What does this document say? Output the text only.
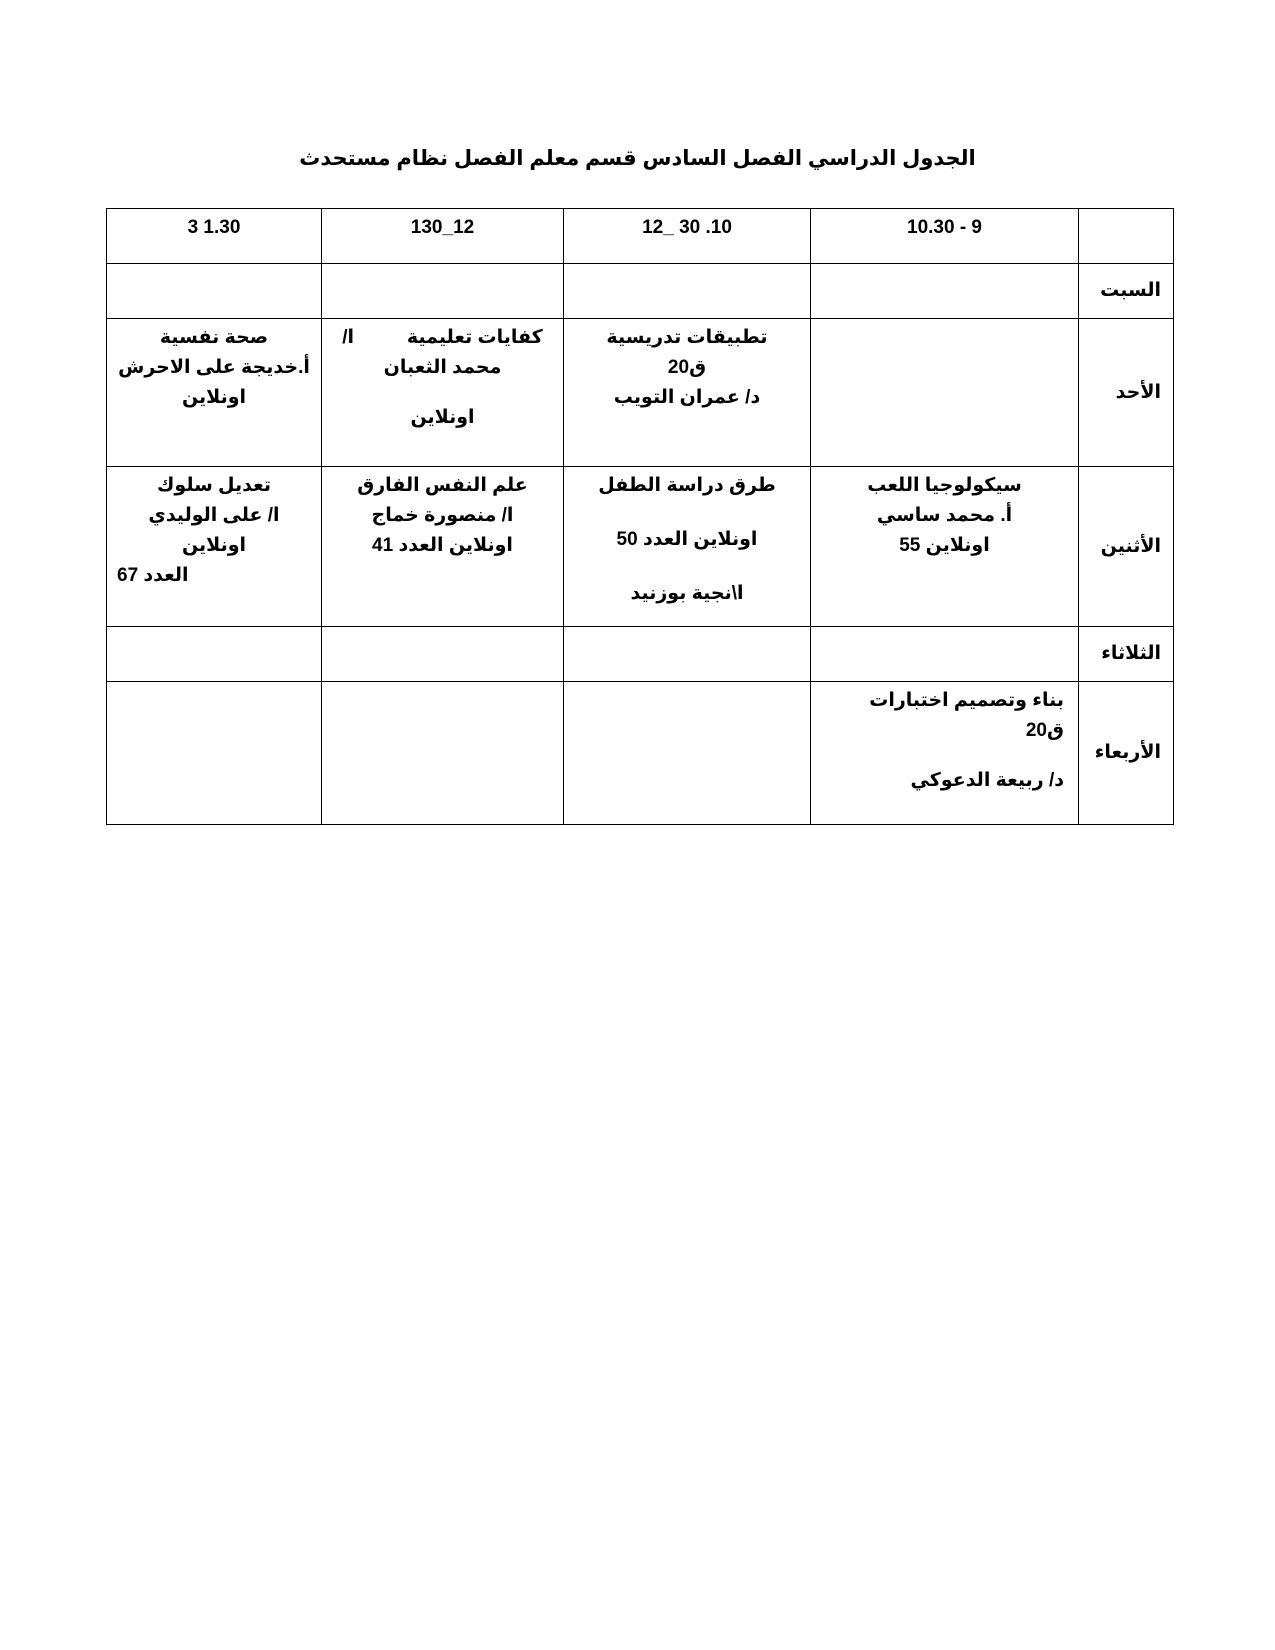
الجدول الدراسي الفصل السادس قسم معلم الفصل نظام مستحدث
	10.30 - 9	12_ 30 .10	130_12	3 1.30
السبت				
الأحد		تطبيقات تدريسية
ق20
د/ عمران التويب	كفايات تعليمية          ا/
محمد الثعبان
اونلاين	صحة نفسية
أ.خديجة على الاحرش
اونلاين

الأثنين	سيكولوجيا اللعب
أ. محمد ساسي
اونلاين 55	طرق دراسة الطفل
اونلاين العدد 50
ا\نجية بوزنيد	علم النفس الفارق
ا/ منصورة خماج
اونلاين العدد 41	تعديل سلوك
ا/ على الوليدي
اونلاين
العدد 67

الثلاثاء				
الأربعاء	بناء وتصميم اختبارات
ق20
د/ ربيعة الدعوكي			
